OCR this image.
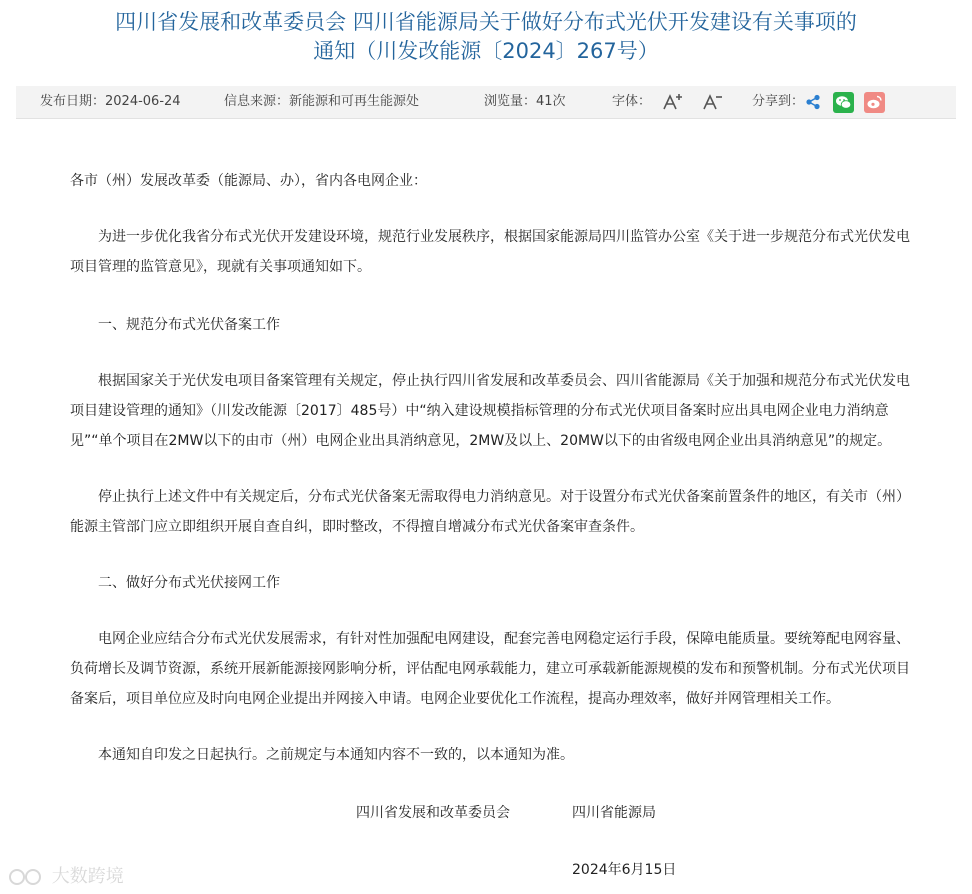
四川省发展和改革委员会 四川省能源局关于做好分布式光伏开发建设有关事项的
通知（川发改能源〔2024〕267号）
发布日期：2024-06-24	信息来源：新能源和可再生能源处	浏览量：41次	字体：	分享到：

各市（州）发展改革委（能源局、办），省内各电网企业：

为进一步优化我省分布式光伏开发建设环境，规范行业发展秩序，根据国家能源局四川监管办公室《关于进一步规范分布式光伏发电项目管理的监管意见》，现就有关事项通知如下。

一、规范分布式光伏备案工作

根据国家关于光伏发电项目备案管理有关规定，停止执行四川省发展和改革委员会、四川省能源局《关于加强和规范分布式光伏发电项目建设管理的通知》（川发改能源〔2017〕485号）中“纳入建设规模指标管理的分布式光伏项目备案时应出具电网企业电力消纳意见”“单个项目在2MW以下的由市（州）电网企业出具消纳意见，2MW及以上、20MW以下的由省级电网企业出具消纳意见”的规定。

停止执行上述文件中有关规定后，分布式光伏备案无需取得电力消纳意见。对于设置分布式光伏备案前置条件的地区，有关市（州）能源主管部门应立即组织开展自查自纠，即时整改，不得擅自增减分布式光伏备案审查条件。

二、做好分布式光伏接网工作

电网企业应结合分布式光伏发展需求，有针对性加强配电网建设，配套完善电网稳定运行手段，保障电能质量。要统筹配电网容量、负荷增长及调节资源，系统开展新能源接网影响分析，评估配电网承载能力，建立可承载新能源规模的发布和预警机制。分布式光伏项目备案后，项目单位应及时向电网企业提出并网接入申请。电网企业要优化工作流程，提高办理效率，做好并网管理相关工作。

本通知自印发之日起执行。之前规定与本通知内容不一致的，以本通知为准。

四川省发展和改革委员会	四川省能源局
2024年6月15日
大数跨境
